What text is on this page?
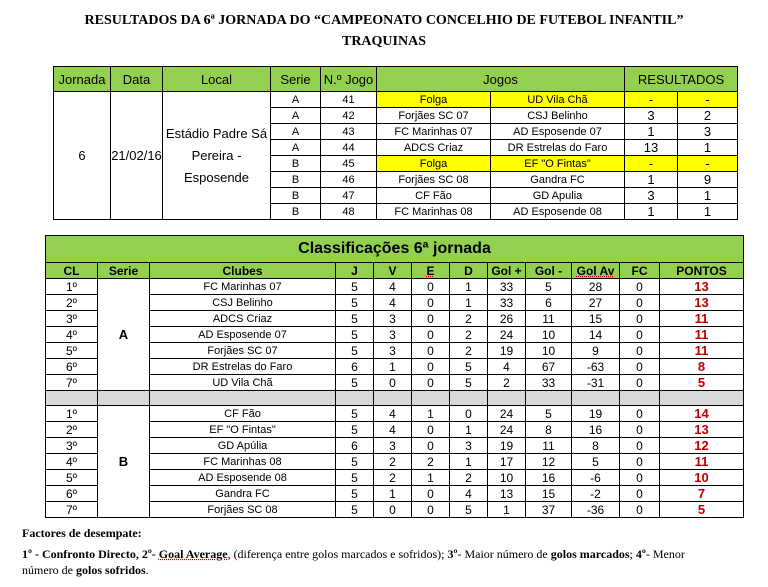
RESULTADOS DA 6ª JORNADA DO “CAMPEONATO CONCELHIO DE FUTEBOL INFANTIL”
TRAQUINAS
Jornada	Data	Local	Serie	N.º Jogo	Jogos		RESULTADOS	
6	21/02/16	Estádio Padre Sá Pereira - Esposende	A	41	Folga	UD Vila Chã	-	-
			A	42	Forjães SC 07	CSJ Belinho	3	2
			A	43	FC Marinhas 07	AD Esposende 07	1	3
			A	44	ADCS Criaz	DR Estrelas do Faro	13	1
			B	45	Folga	EF "O Fintas"	-	-
			B	46	Forjães SC 08	Gandra FC	1	9
			B	47	CF Fão	GD Apulia	3	1
			B	48	FC Marinhas 08	AD Esposende 08	1	1
Classificações 6ª jornada											
CL	Serie	Clubes	J	V	E	D	Gol +	Gol -	Gol Av	FC	PONTOS
1º	A	FC Marinhas 07	5	4	0	1	33	5	28	0	13
2º		CSJ Belinho	5	4	0	1	33	6	27	0	13
3º		ADCS Criaz	5	3	0	2	26	11	15	0	11
4º		AD Esposende 07	5	3	0	2	24	10	14	0	11
5º		Forjães SC 07	5	3	0	2	19	10	9	0	11
6º		DR Estrelas do Faro	6	1	0	5	4	67	-63	0	8
7º		UD Vila Chã	5	0	0	5	2	33	-31	0	5

1º	B	CF Fão	5	4	1	0	24	5	19	0	14
2º		EF "O Fintas"	5	4	0	1	24	8	16	0	13
3º		GD Apúlia	6	3	0	3	19	11	8	0	12
4º		FC Marinhas 08	5	2	2	1	17	12	5	0	11
5º		AD Esposende 08	5	2	1	2	10	16	-6	0	10
6º		Gandra FC	5	1	0	4	13	15	-2	0	7
7º		Forjães SC 08	5	0	0	5	1	37	-36	0	5
Factores de desempate:
1º - Confronto Directo, 2º- Goal Average, (diferença entre golos marcados e sofridos); 3º- Maior número de golos marcados; 4º- Menor
número de golos sofridos.
